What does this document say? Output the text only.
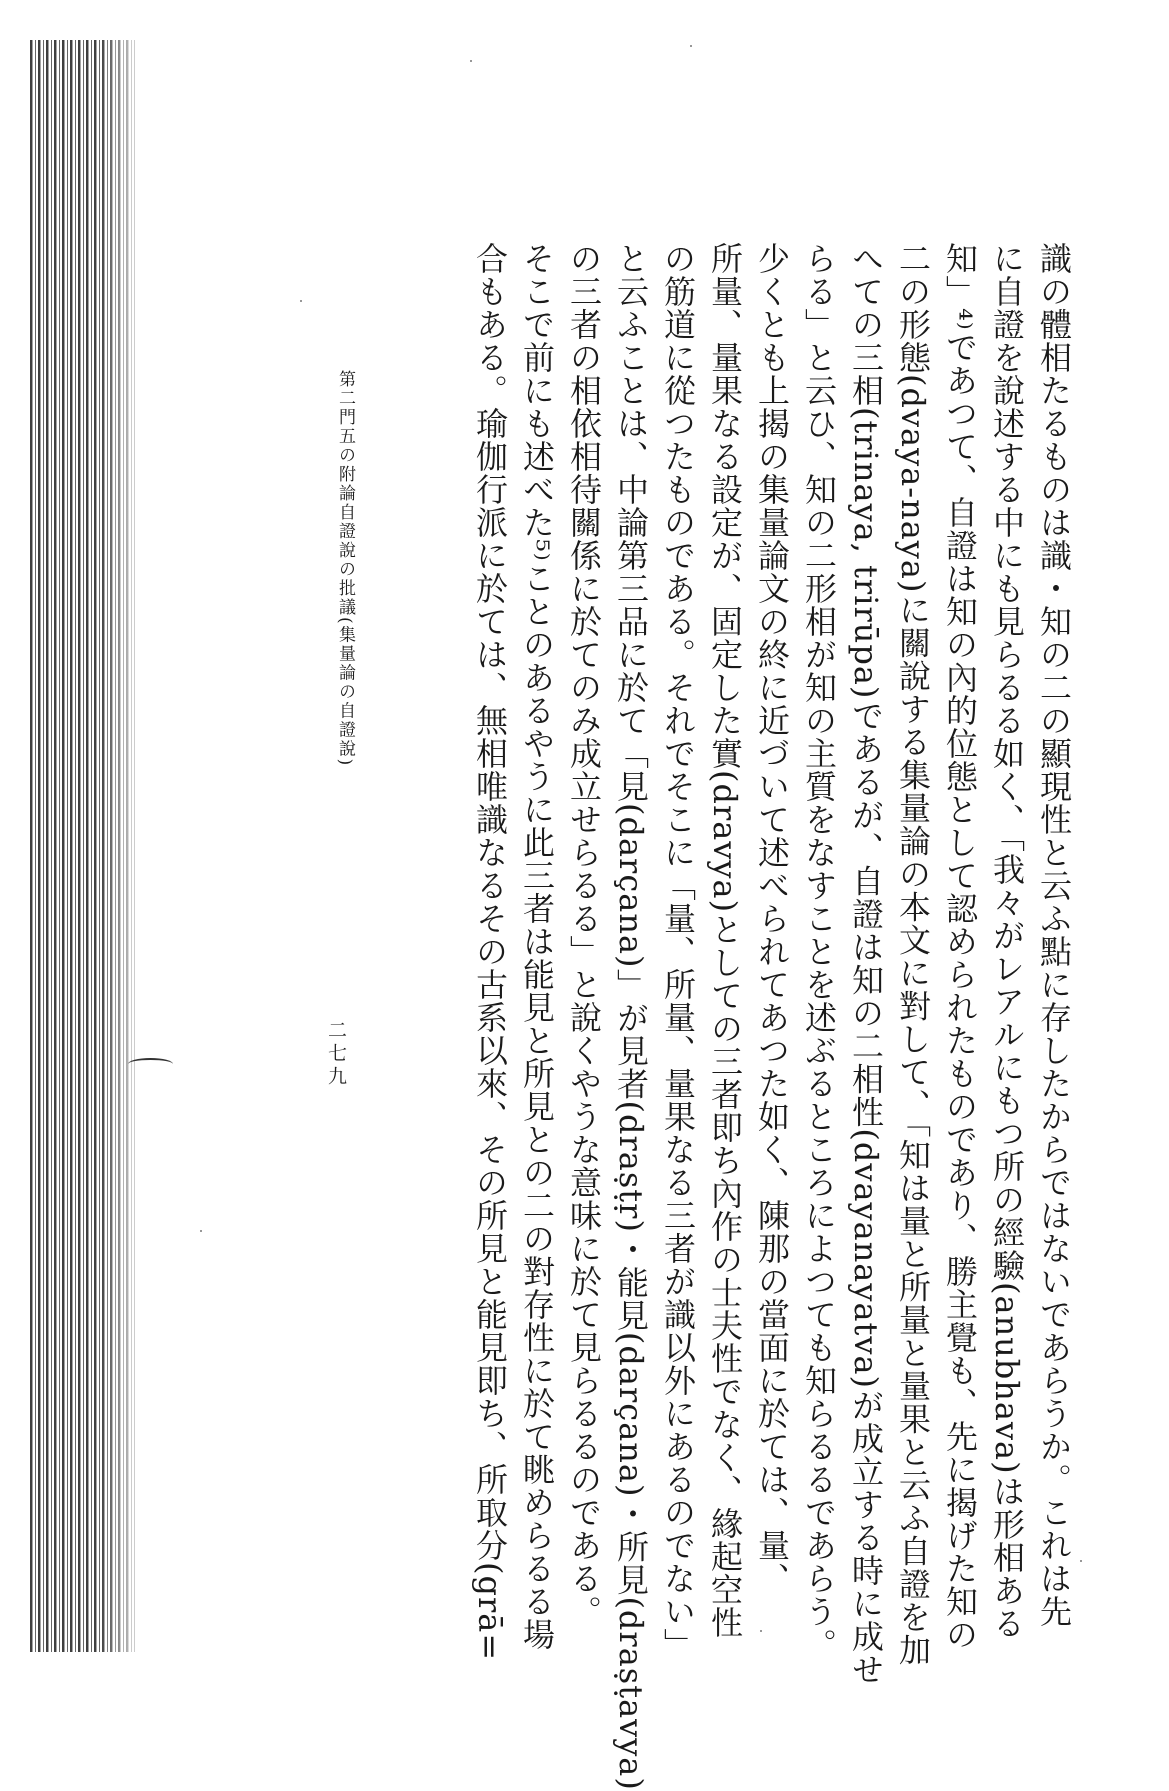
識の體相たるものは識・知の二の顯現性と云ふ點に存したからではないであらうか。これは先
に自證を說述する中にも見らるる如く、「我々がレアルにもつ所の經驗(anubhava)は形相ある
知」⁴⁾であつて、自證は知の內的位態として認められたものであり、勝主覺も、先に揭げた知の
二の形態(dvaya-naya)に關說する集量論の本文に對して、「知は量と所量と量果と云ふ自證を加
へての三相(trinaya, trirūpa)であるが、自證は知の二相性(dvayanayatva)が成立する時に成せ
らる」と云ひ、知の二形相が知の主質をなすことを述ぶるところによつても知らるるであらう。
少くとも上揭の集量論文の終に近づいて述べられてあつた如く、陳那の當面に於ては、量、
所量、量果なる設定が、固定した實(dravya)としての三者即ち內作の士夫性でなく、緣起空性
の筋道に從つたものである。それでそこに「量、所量、量果なる三者が識以外にあるのでない」
と云ふことは、中論第三品に於て「見(darçana)」が見者(draṣṭṛ)・能見(darçana)・所見(draṣṭavya)
の三者の相依相待關係に於てのみ成立せらるる」と說くやうな意味に於て見らるるのである。
そこで前にも述べた⁵⁾ことのあるやうに此三者は能見と所見との二の對存性に於て眺めらるる場
合もある。瑜伽行派に於ては、無相唯識なるその古系以來、その所見と能見即ち、所取分(grā=
第二門五の附論自證說の批議(集量論の自證說)
二七九
